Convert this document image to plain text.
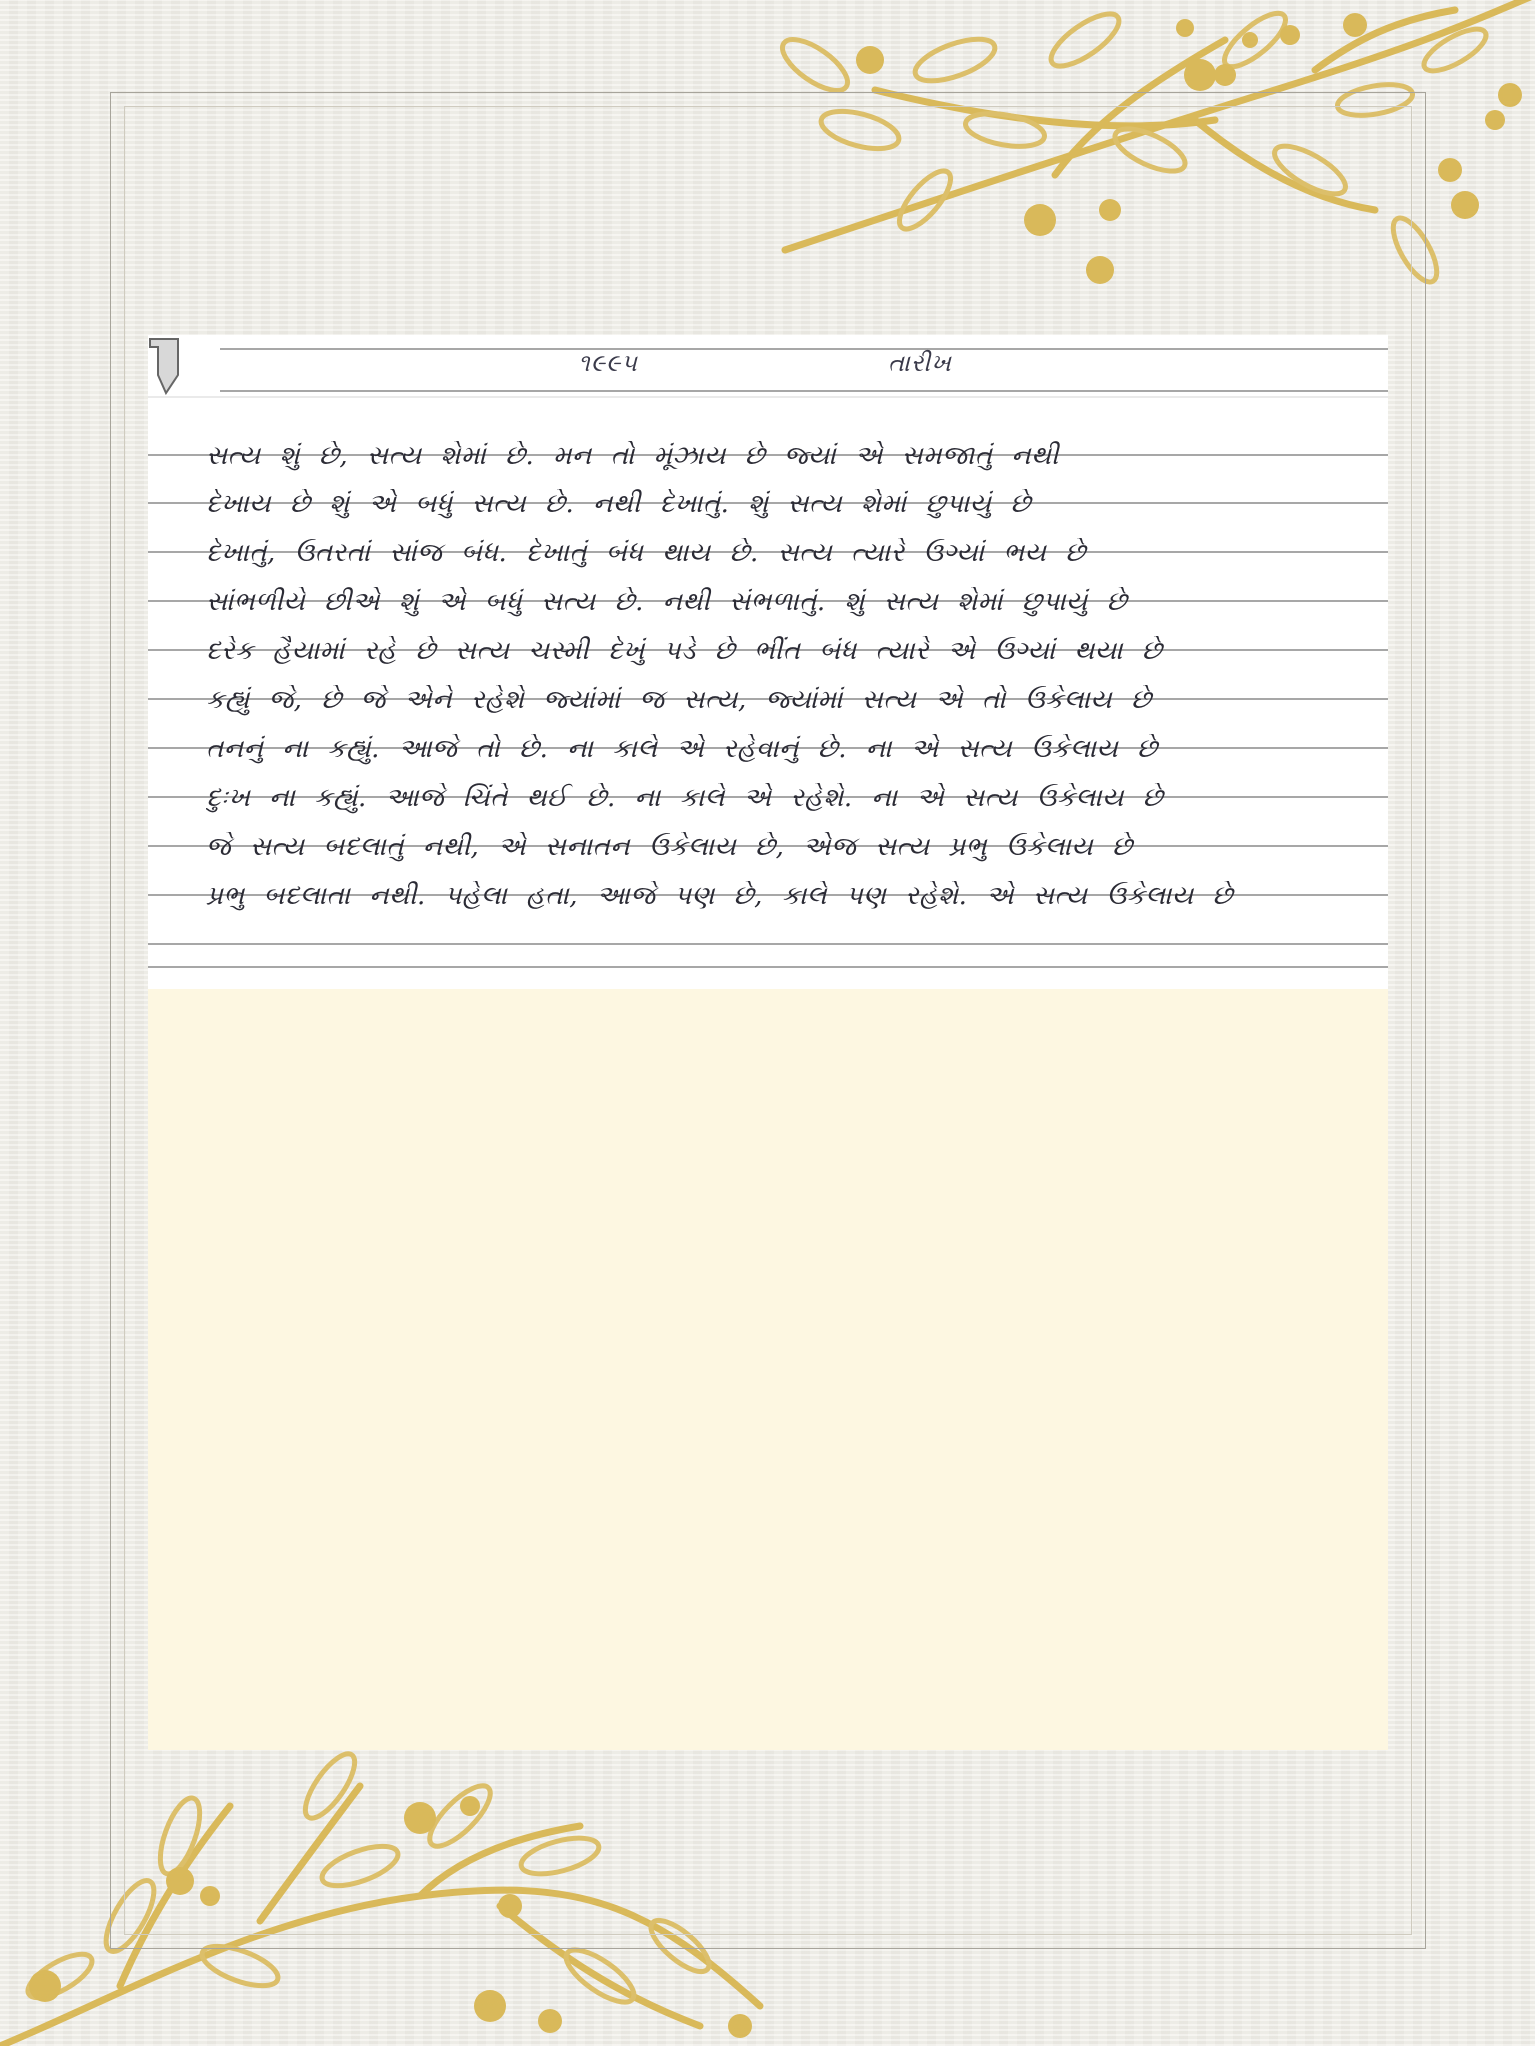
૧૯૯૫	તારીખ
સત્ય શું છે, સત્ય શેમાં છે. મન તો મૂંઝાય છે જ્યાં એ સમજાતું નથી
દેખાય છે શું એ બધું સત્ય છે. નથી દેખાતું. શું સત્ય શેમાં છુપાયું છે
દેખાતું, ઉતરતાં સાંજ બંધ. દેખાતું બંધ થાય છે. સત્ય ત્યારે ઉગ્યાં ભય છે
સાંભળીયે છીએ શું એ બધું સત્ય છે. નથી સંભળાતું. શું સત્ય શેમાં છુપાયું છે
દરેક હૈયામાં રહે છે સત્ય ચસ્મી દેખું પડે છે ભીંત બંધ ત્યારે એ ઉગ્યાં થયા છે
કહ્યું જે, છે જે એને રહેશે જ્યાંમાં જ સત્ય, જ્યાંમાં સત્ય એ તો ઉકેલાય છે
તનનું ના કહ્યું. આજે તો છે. ના કાલે એ રહેવાનું છે. ના એ સત્ય ઉકેલાય છે
દુઃખ ના કહ્યું. આજે ચિંતે થઈ છે. ના કાલે એ રહેશે. ના એ સત્ય ઉકેલાય છે
જે સત્ય બદલાતું નથી, એ સનાતન ઉકેલાય છે, એજ સત્ય પ્રભુ ઉકેલાય છે
પ્રભુ બદલાતા નથી. પહેલા હતા, આજે પણ છે, કાલે પણ રહેશે. એ સત્ય ઉકેલાય છે
